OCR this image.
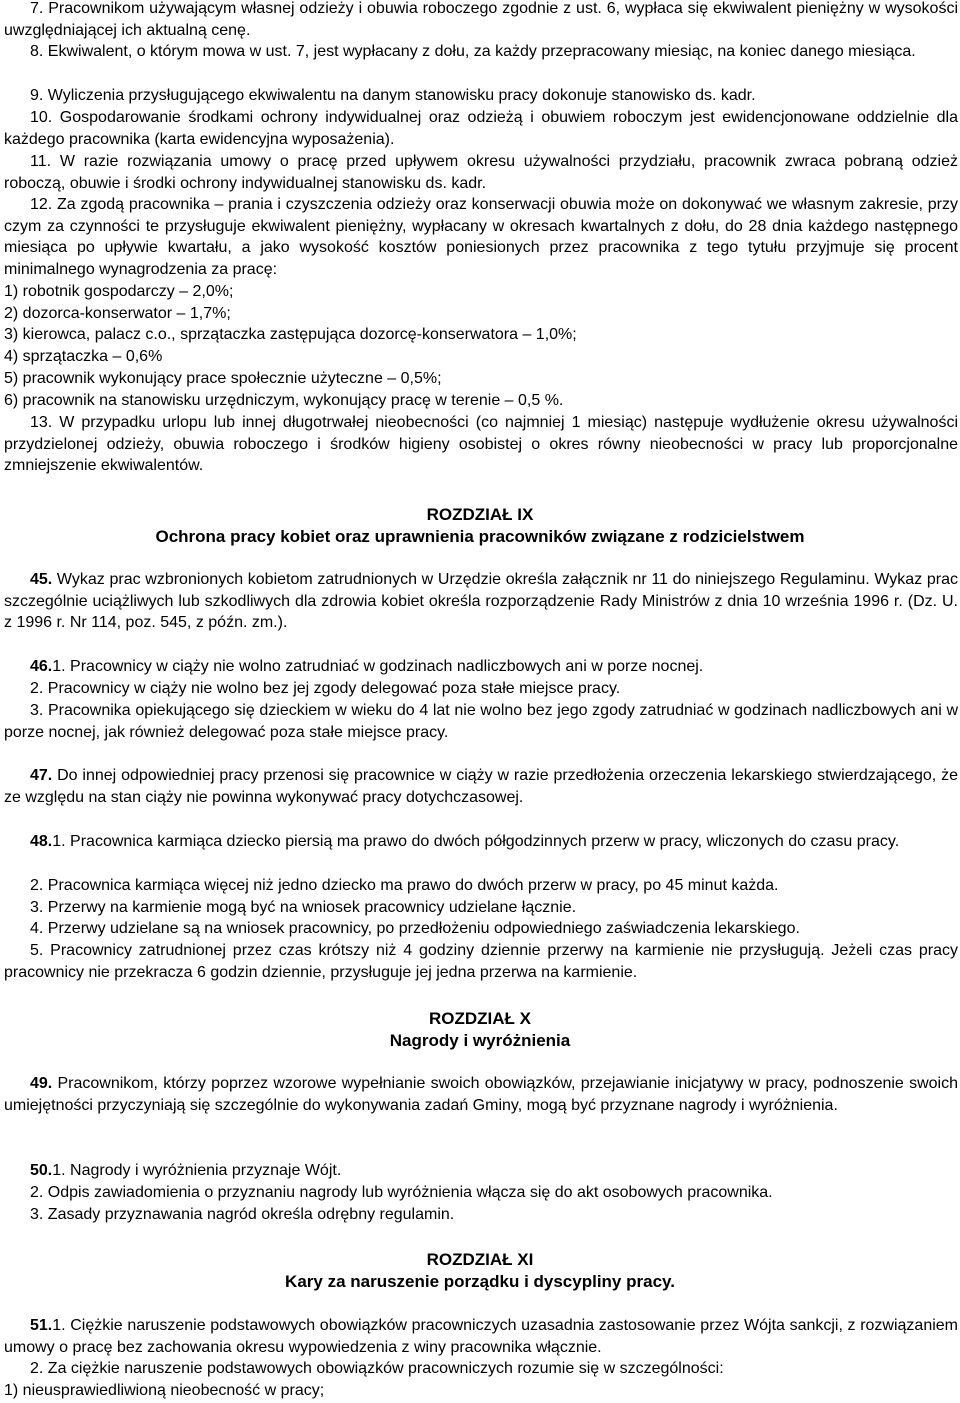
7. Pracownikom używającym własnej odzieży i obuwia roboczego zgodnie z ust. 6, wypłaca się ekwiwalent pieniężny w wysokości uwzględniającej ich aktualną cenę.

8. Ekwiwalent, o którym mowa w ust. 7, jest wypłacany z dołu, za każdy przepracowany miesiąc, na koniec danego miesiąca.

9. Wyliczenia przysługującego ekwiwalentu na danym stanowisku pracy dokonuje stanowisko ds. kadr.

10. Gospodarowanie środkami ochrony indywidualnej oraz odzieżą i obuwiem roboczym jest ewidencjonowane oddzielnie dla każdego pracownika (karta ewidencyjna wyposażenia).

11. W razie rozwiązania umowy o pracę przed upływem okresu używalności przydziału, pracownik zwraca pobraną odzież roboczą, obuwie i środki ochrony indywidualnej stanowisku ds. kadr.

12. Za zgodą pracownika – prania i czyszczenia odzieży oraz konserwacji obuwia może on dokonywać we własnym zakresie, przy czym za czynności te przysługuje ekwiwalent pieniężny, wypłacany w okresach kwartalnych z dołu, do 28 dnia każdego następnego miesiąca po upływie kwartału, a jako wysokość kosztów poniesionych przez pracownika z tego tytułu przyjmuje się procent minimalnego wynagrodzenia za pracę:

1) robotnik gospodarczy – 2,0%;
2) dozorca-konserwator – 1,7%;
3) kierowca, palacz c.o., sprzątaczka zastępująca dozorcę-konserwatora – 1,0%;
4) sprzątaczka – 0,6%
5) pracownik wykonujący prace społecznie użyteczne – 0,5%;
6) pracownik na stanowisku urzędniczym, wykonujący pracę w terenie – 0,5 %.

13. W przypadku urlopu lub innej długotrwałej nieobecności (co najmniej 1 miesiąc) następuje wydłużenie okresu używalności przydzielonej odzieży, obuwia roboczego i środków higieny osobistej o okres równy nieobecności w pracy lub proporcjonalne zmniejszenie ekwiwalentów.

ROZDZIAŁ IX
Ochrona pracy kobiet oraz uprawnienia pracowników związane z rodzicielstwem

45. Wykaz prac wzbronionych kobietom zatrudnionych w Urzędzie określa załącznik nr 11 do niniejszego Regulaminu. Wykaz prac szczególnie uciążliwych lub szkodliwych dla zdrowia kobiet określa rozporządzenie Rady Ministrów z dnia 10 września 1996 r. (Dz. U. z 1996 r. Nr 114, poz. 545, z późn. zm.).

46.1. Pracownicy w ciąży nie wolno zatrudniać w godzinach nadliczbowych ani w porze nocnej.

2. Pracownicy w ciąży nie wolno bez jej zgody delegować poza stałe miejsce pracy.

3. Pracownika opiekującego się dzieckiem w wieku do 4 lat nie wolno bez jego zgody zatrudniać w godzinach nadliczbowych ani w porze nocnej, jak również delegować poza stałe miejsce pracy.

47. Do innej odpowiedniej pracy przenosi się pracownice w ciąży w razie przedłożenia orzeczenia lekarskiego stwierdzającego, że ze względu na stan ciąży nie powinna wykonywać pracy dotychczasowej.

48.1. Pracownica karmiąca dziecko piersią ma prawo do dwóch półgodzinnych przerw w pracy, wliczonych do czasu pracy.

2. Pracownica karmiąca więcej niż jedno dziecko ma prawo do dwóch przerw w pracy, po 45 minut każda.

3. Przerwy na karmienie mogą być na wniosek pracownicy udzielane łącznie.

4. Przerwy udzielane są na wniosek pracownicy, po przedłożeniu odpowiedniego zaświadczenia lekarskiego.

5. Pracownicy zatrudnionej przez czas krótszy niż 4 godziny dziennie przerwy na karmienie nie przysługują. Jeżeli czas pracy pracownicy nie przekracza 6 godzin dziennie, przysługuje jej jedna przerwa na karmienie.

ROZDZIAŁ X
Nagrody i wyróżnienia

49. Pracownikom, którzy poprzez wzorowe wypełnianie swoich obowiązków, przejawianie inicjatywy w pracy, podnoszenie swoich umiejętności przyczyniają się szczególnie do wykonywania zadań Gminy, mogą być przyznane nagrody i wyróżnienia.

50.1. Nagrody i wyróżnienia przyznaje Wójt.

2. Odpis zawiadomienia o przyznaniu nagrody lub wyróżnienia włącza się do akt osobowych pracownika.

3. Zasady przyznawania nagród określa odrębny regulamin.

ROZDZIAŁ XI
Kary za naruszenie porządku i dyscypliny pracy.

51.1. Ciężkie naruszenie podstawowych obowiązków pracowniczych uzasadnia zastosowanie przez Wójta sankcji, z rozwiązaniem umowy o pracę bez zachowania okresu wypowiedzenia z winy pracownika włącznie.

2. Za ciężkie naruszenie podstawowych obowiązków pracowniczych rozumie się w szczególności:

1) nieusprawiedliwioną nieobecność w pracy;
